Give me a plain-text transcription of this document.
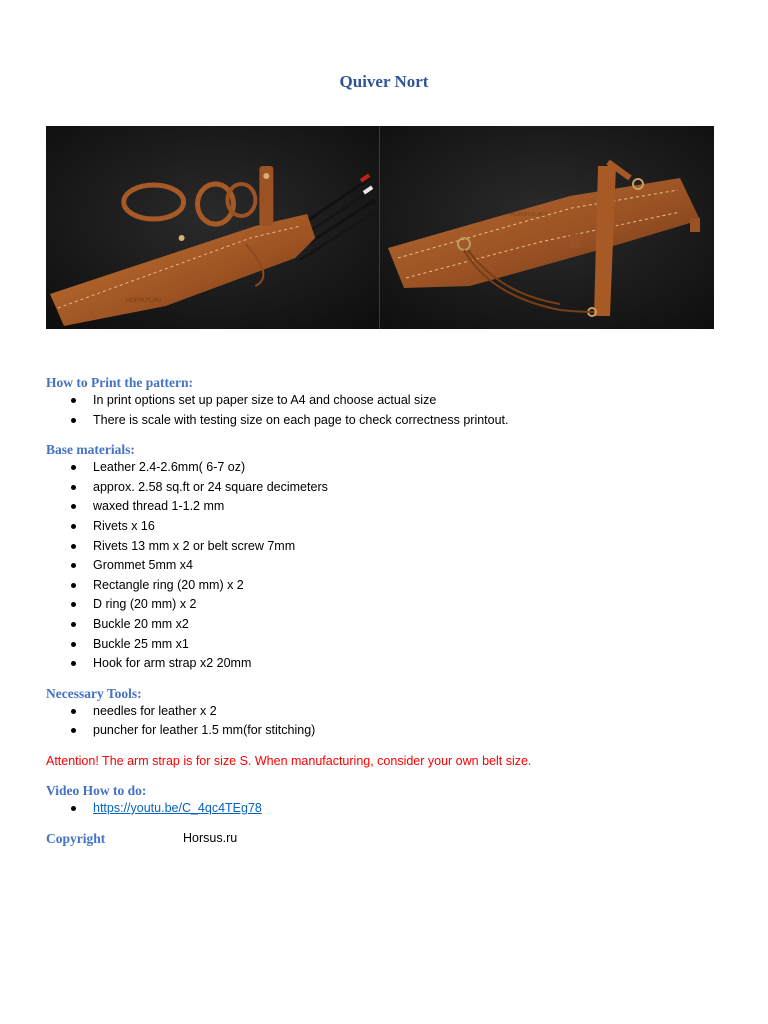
Quiver Nort
HORSUS.RU
HORSUS.RU
How to Print the pattern:
In print options set up paper size to A4 and choose actual size
There is scale with testing size on each page to check correctness printout.
Base materials:
Leather 2.4-2.6mm( 6-7 oz)
approx. 2.58 sq.ft or 24 square decimeters
waxed thread 1-1.2 mm
Rivets x 16
Rivets 13 mm x 2 or belt screw 7mm
Grommet 5mm x4
Rectangle ring (20 mm) x 2
D ring (20 mm) x 2
Buckle 20 mm x2
Buckle 25 mm x1
Hook for arm strap x2 20mm
Necessary Tools:
needles for leather x 2
puncher for leather 1.5 mm(for stitching)
Attention! The arm strap is for size S. When manufacturing, consider your own belt size.
Video How to do:
https://youtu.be/C_4qc4TEg78
Copyright	Horsus.ru
